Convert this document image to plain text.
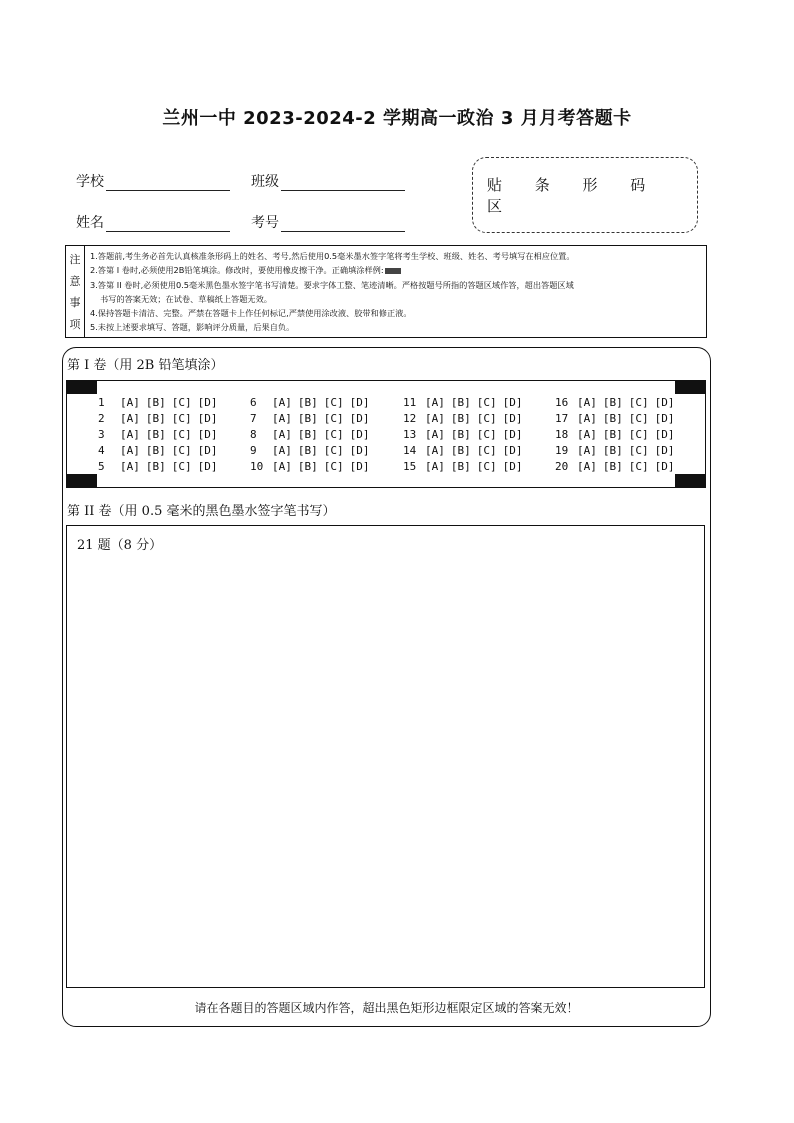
兰州一中 2023-2024-2 学期高一政治 3 月月考答题卡
学校	班级
姓名	考号
贴 条 形 码 区
注
意
事
项
1.答题前,考生务必首先认真核准条形码上的姓名、考号,然后使用0.5毫米墨水签字笔将考生学校、班级、姓名、考号填写在相应位置。
2.答第 I 卷时,必须使用2B铅笔填涂。修改时，要使用橡皮擦干净。正确填涂样例:
3.答第 II 卷时,必须使用0.5毫米黑色墨水签字笔书写清楚。要求字体工整、笔迹清晰。严格按题号所指的答题区域作答，超出答题区域
书写的答案无效；在试卷、草稿纸上答题无效。
4.保持答题卡清洁、完整。严禁在答题卡上作任何标记,严禁使用涂改液、胶带和修正液。
5.未按上述要求填写、答题，影响评分质量，后果自负。
第 I 卷（用 2B 铅笔填涂）
1 [A] [B] [C] [D]
2 [A] [B] [C] [D]
3 [A] [B] [C] [D]
4 [A] [B] [C] [D]
5 [A] [B] [C] [D]
6 [A] [B] [C] [D]
7 [A] [B] [C] [D]
8 [A] [B] [C] [D]
9 [A] [B] [C] [D]
10 [A] [B] [C] [D]
11 [A] [B] [C] [D]
12 [A] [B] [C] [D]
13 [A] [B] [C] [D]
14 [A] [B] [C] [D]
15 [A] [B] [C] [D]
16 [A] [B] [C] [D]
17 [A] [B] [C] [D]
18 [A] [B] [C] [D]
19 [A] [B] [C] [D]
20 [A] [B] [C] [D]
第 II 卷（用 0.5 毫米的黑色墨水签字笔书写）
21 题（8 分）
请在各题目的答题区域内作答，超出黑色矩形边框限定区域的答案无效！
